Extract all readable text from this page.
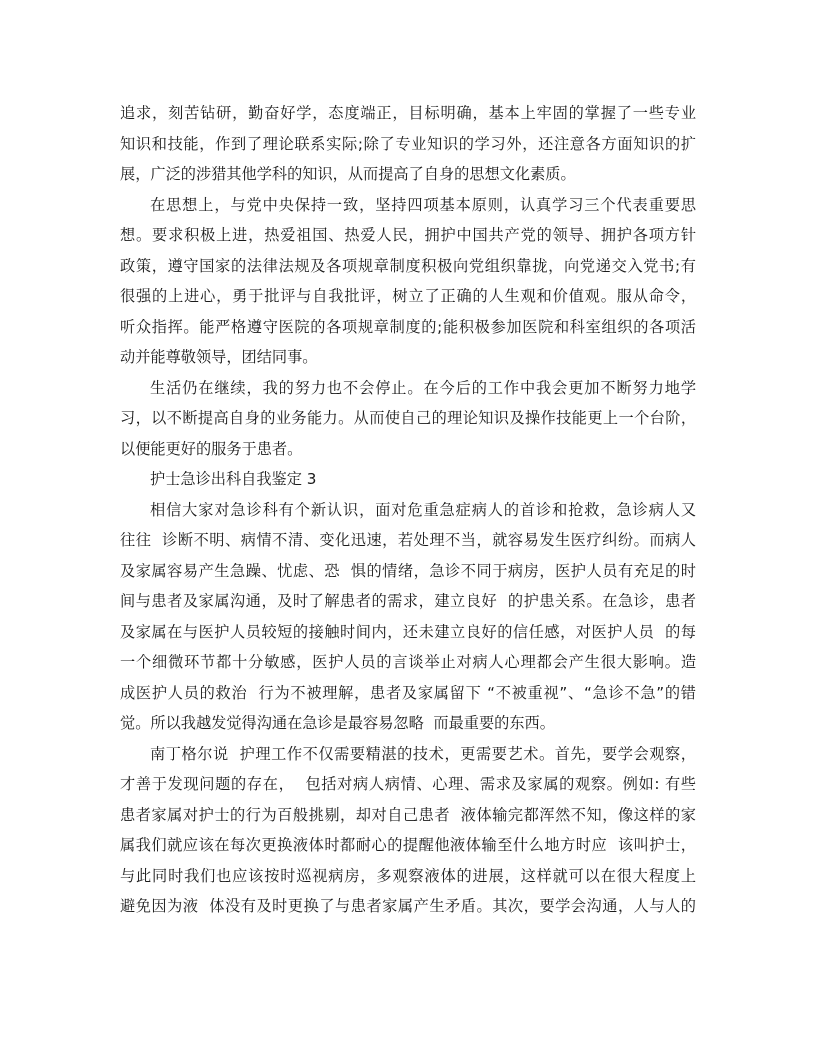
追求，刻苦钻研，勤奋好学，态度端正，目标明确，基本上牢固的掌握了一些专业
知识和技能，作到了理论联系实际;除了专业知识的学习外，还注意各方面知识的扩
展，广泛的涉猎其他学科的知识，从而提高了自身的思想文化素质。
在思想上，与党中央保持一致，坚持四项基本原则，认真学习三个代表重要思
想。要求积极上进，热爱祖国、热爱人民，拥护中国共产党的领导、拥护各项方针
政策，遵守国家的法律法规及各项规章制度积极向党组织靠拢，向党递交入党书;有
很强的上进心，勇于批评与自我批评，树立了正确的人生观和价值观。服从命令，
听众指挥。能严格遵守医院的各项规章制度的;能积极参加医院和科室组织的各项活
动并能尊敬领导，团结同事。
生活仍在继续，我的努力也不会停止。在今后的工作中我会更加不断努力地学
习，以不断提高自身的业务能力。从而使自己的理论知识及操作技能更上一个台阶，
以便能更好的服务于患者。
护士急诊出科自我鉴定 3
相信大家对急诊科有个新认识，面对危重急症病人的首诊和抢救，急诊病人又
往往  诊断不明、病情不清、变化迅速，若处理不当，就容易发生医疗纠纷。而病人
及家属容易产生急躁、忧虑、恐  惧的情绪，急诊不同于病房，医护人员有充足的时
间与患者及家属沟通，及时了解患者的需求，建立良好  的护患关系。在急诊，患者
及家属在与医护人员较短的接触时间内，还未建立良好的信任感，对医护人员  的每
一个细微环节都十分敏感，医护人员的言谈举止对病人心理都会产生很大影响。造
成医护人员的救治  行为不被理解，患者及家属留下 “不被重视”、“急诊不急”的错
觉。所以我越发觉得沟通在急诊是最容易忽略  而最重要的东西。
南丁格尔说  护理工作不仅需要精湛的技术，更需要艺术。首先，要学会观察，
才善于发现问题的存在，  包括对病人病情、心理、需求及家属的观察。例如: 有些
患者家属对护士的行为百般挑剔，却对自己患者  液体输完都浑然不知，像这样的家
属我们就应该在每次更换液体时都耐心的提醒他液体输至什么地方时应  该叫护士，
与此同时我们也应该按时巡视病房，多观察液体的进展，这样就可以在很大程度上
避免因为液  体没有及时更换了与患者家属产生矛盾。其次，要学会沟通，人与人的
